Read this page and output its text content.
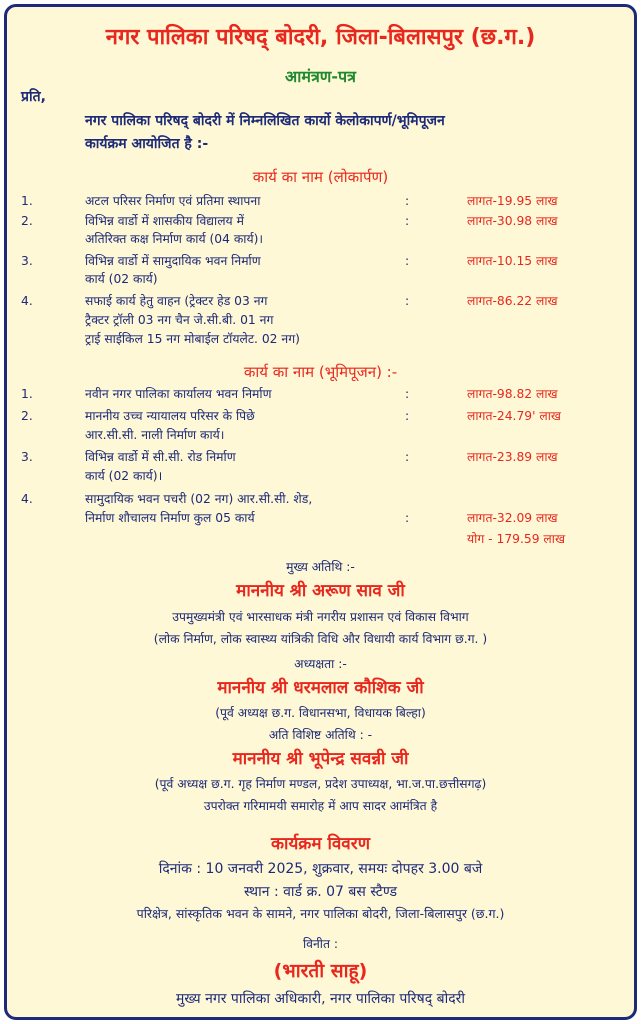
नगर पालिका परिषद् बोदरी, जिला-बिलासपुर (छ.ग.)
आमंत्रण-पत्र
प्रति,
नगर पालिका परिषद् बोदरी में निम्नलिखित कार्यो केलोकापर्ण/भूमिपूजन
कार्यक्रम आयोजित है :-
कार्य का नाम (लोकार्पण)
1.	अटल परिसर निर्माण एवं प्रतिमा स्थापना	:	लागत-19.95 लाख
2.	विभिन्न वार्डो में शासकीय विद्यालय में
अतिरिक्त कक्ष निर्माण कार्य (04 कार्य)।
:	लागत-30.98 लाख
3.	विभिन्न वार्डो में सामुदायिक भवन निर्माण
कार्य (02 कार्य)
:	लागत-10.15 लाख
4.	सफाई कार्य हेतु वाहन (ट्रेक्टर हेड 03 नग
ट्रैक्टर ट्रॉली 03 नग चैन जे.सी.बी. 01 नग
ट्राई साईकिल 15 नग मोबाईल टॉयलेट. 02 नग)
:	लागत-86.22 लाख
कार्य का नाम (भूमिपूजन) :-
1.	नवीन नगर पालिका कार्यालय भवन निर्माण	:	लागत-98.82 लाख
2.	माननीय उच्च न्यायालय परिसर के पिछे
आर.सी.सी. नाली निर्माण कार्य।
:	लागत-24.79' लाख
3.	विभिन्न वार्डो में सी.सी. रोड निर्माण
कार्य (02 कार्य)।
:	लागत-23.89 लाख
4.	सामुदायिक भवन पचरी (02 नग) आर.सी.सी. शेड,
निर्माण शौचालय निर्माण कुल 05 कार्य	:	लागत-32.09 लाख
योग - 179.59 लाख
मुख्य अतिथि :-
माननीय श्री अरूण साव जी
उपमुख्यमंत्री एवं भारसाधक मंत्री नगरीय प्रशासन एवं विकास विभाग
(लोक निर्माण, लोक स्वास्थ्य यांत्रिकी विधि और विधायी कार्य विभाग छ.ग. )
अध्यक्षता :-
माननीय श्री धरमलाल कौशिक जी
(पूर्व अध्यक्ष छ.ग. विधानसभा, विधायक बिल्हा)
अति विशिष्ट अतिथि : -
माननीय श्री भूपेन्द्र सवन्नी जी
(पूर्व अध्यक्ष छ.ग. गृह निर्माण मण्डल, प्रदेश उपाध्यक्ष, भा.ज.पा.छत्तीसगढ़)
उपरोक्त गरिमामयी समारोह में आप सादर आमंत्रित है
कार्यक्रम विवरण
दिनांक : 10 जनवरी 2025, शुक्रवार, समयः दोपहर 3.00 बजे
स्थान : वार्ड क्र. 07 बस स्टैण्ड
परिक्षेत्र, सांस्कृतिक भवन के सामने, नगर पालिका बोदरी, जिला-बिलासपुर (छ.ग.)
विनीत :
(भारती साहू)
मुख्य नगर पालिका अधिकारी, नगर पालिका परिषद् बोदरी
